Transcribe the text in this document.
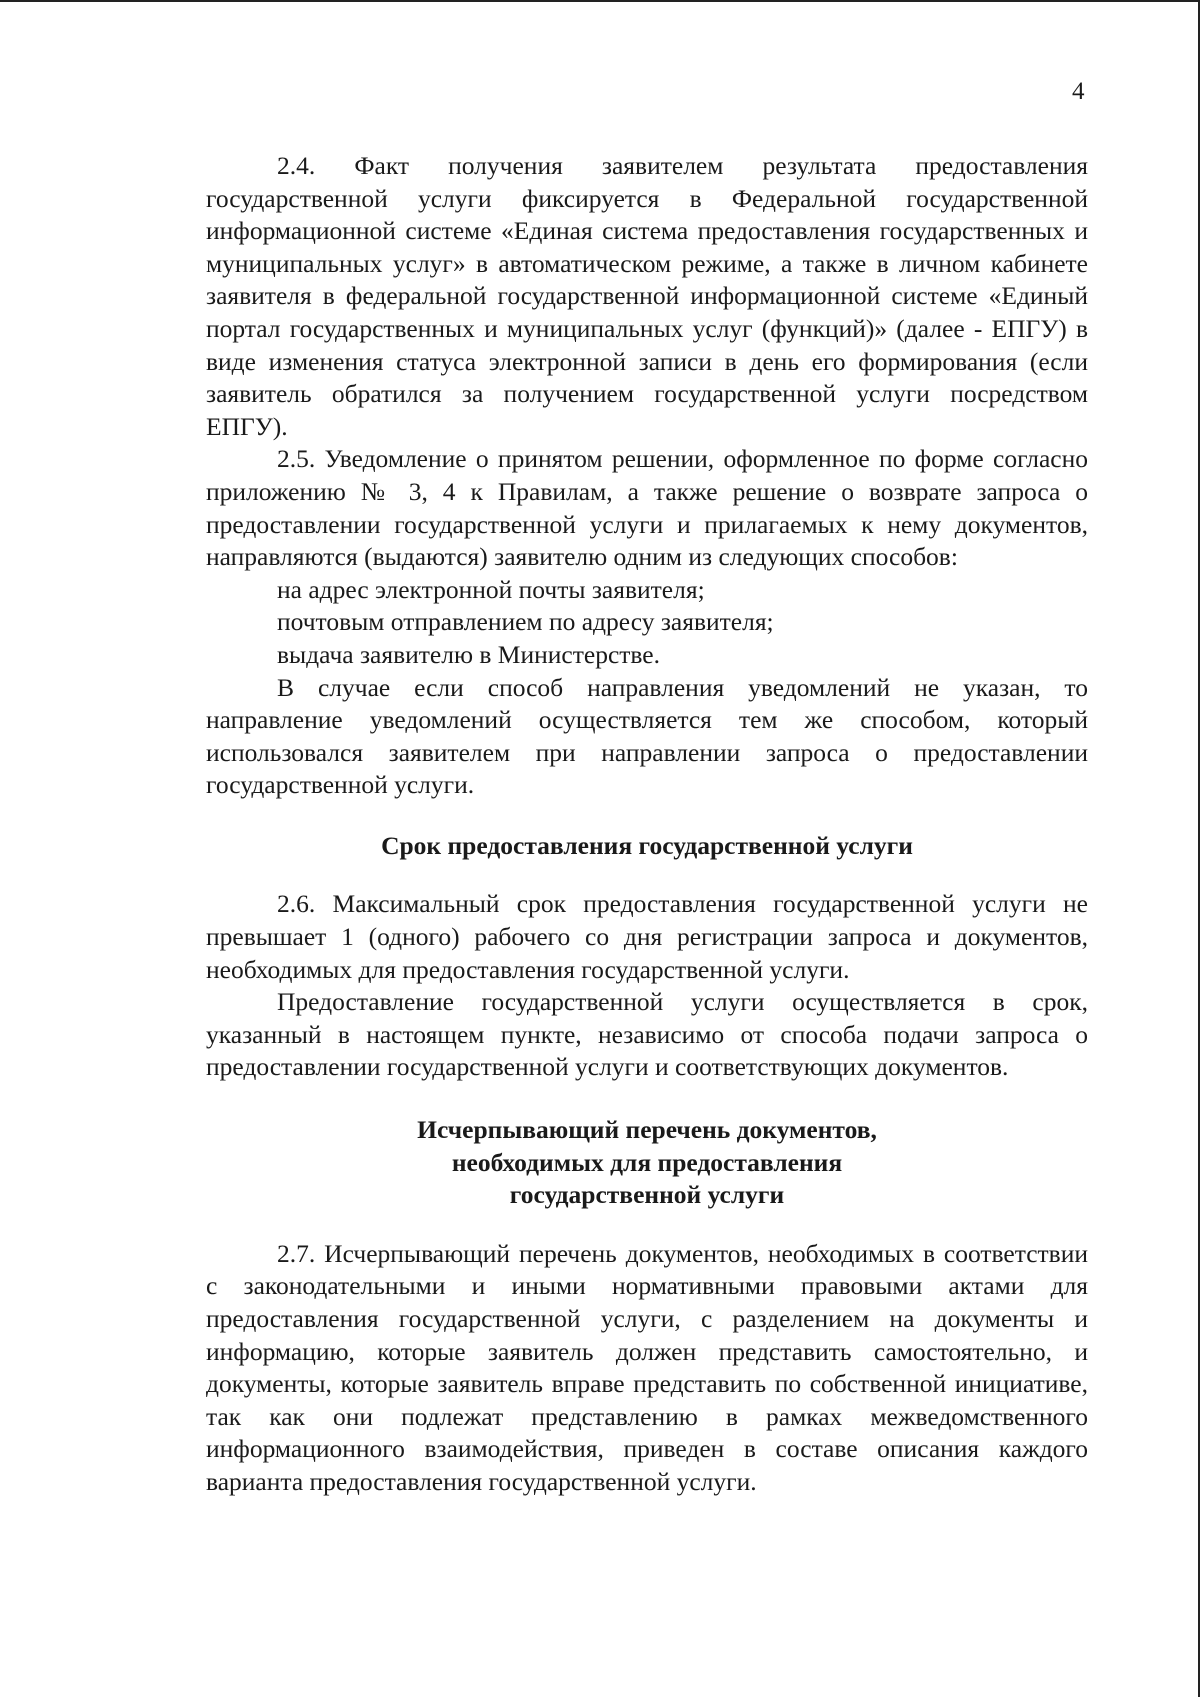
4

2.4. Факт получения заявителем результата предоставления государственной услуги фиксируется в Федеральной государственной информационной системе «Единая система предоставления государственных и муниципальных услуг» в автоматическом режиме, а также в личном кабинете заявителя в федеральной государственной информационной системе «Единый портал государственных и муниципальных услуг (функций)» (далее - ЕПГУ) в виде изменения статуса электронной записи в день его формирования (если заявитель обратился за получением государственной услуги посредством ЕПГУ).

2.5. Уведомление о принятом решении, оформленное по форме согласно приложению № 3, 4 к Правилам, а также решение о возврате запроса о предоставлении государственной услуги и прилагаемых к нему документов, направляются (выдаются) заявителю одним из следующих способов:

на адрес электронной почты заявителя;

почтовым отправлением по адресу заявителя;

выдача заявителю в Министерстве.

В случае если способ направления уведомлений не указан, то направление уведомлений осуществляется тем же способом, который использовался заявителем при направлении запроса о предоставлении государственной услуги.

Срок предоставления государственной услуги

2.6. Максимальный срок предоставления государственной услуги не превышает 1 (одного) рабочего со дня регистрации запроса и документов, необходимых для предоставления государственной услуги.

Предоставление государственной услуги осуществляется в срок, указанный в настоящем пункте, независимо от способа подачи запроса о предоставлении государственной услуги и соответствующих документов.

Исчерпывающий перечень документов,
необходимых для предоставления
государственной услуги

2.7. Исчерпывающий перечень документов, необходимых в соответствии с законодательными и иными нормативными правовыми актами для предоставления государственной услуги, с разделением на документы и информацию, которые заявитель должен представить самостоятельно, и документы, которые заявитель вправе представить по собственной инициативе, так как они подлежат представлению в рамках межведомственного информационного взаимодействия, приведен в составе описания каждого варианта предоставления государственной услуги.
